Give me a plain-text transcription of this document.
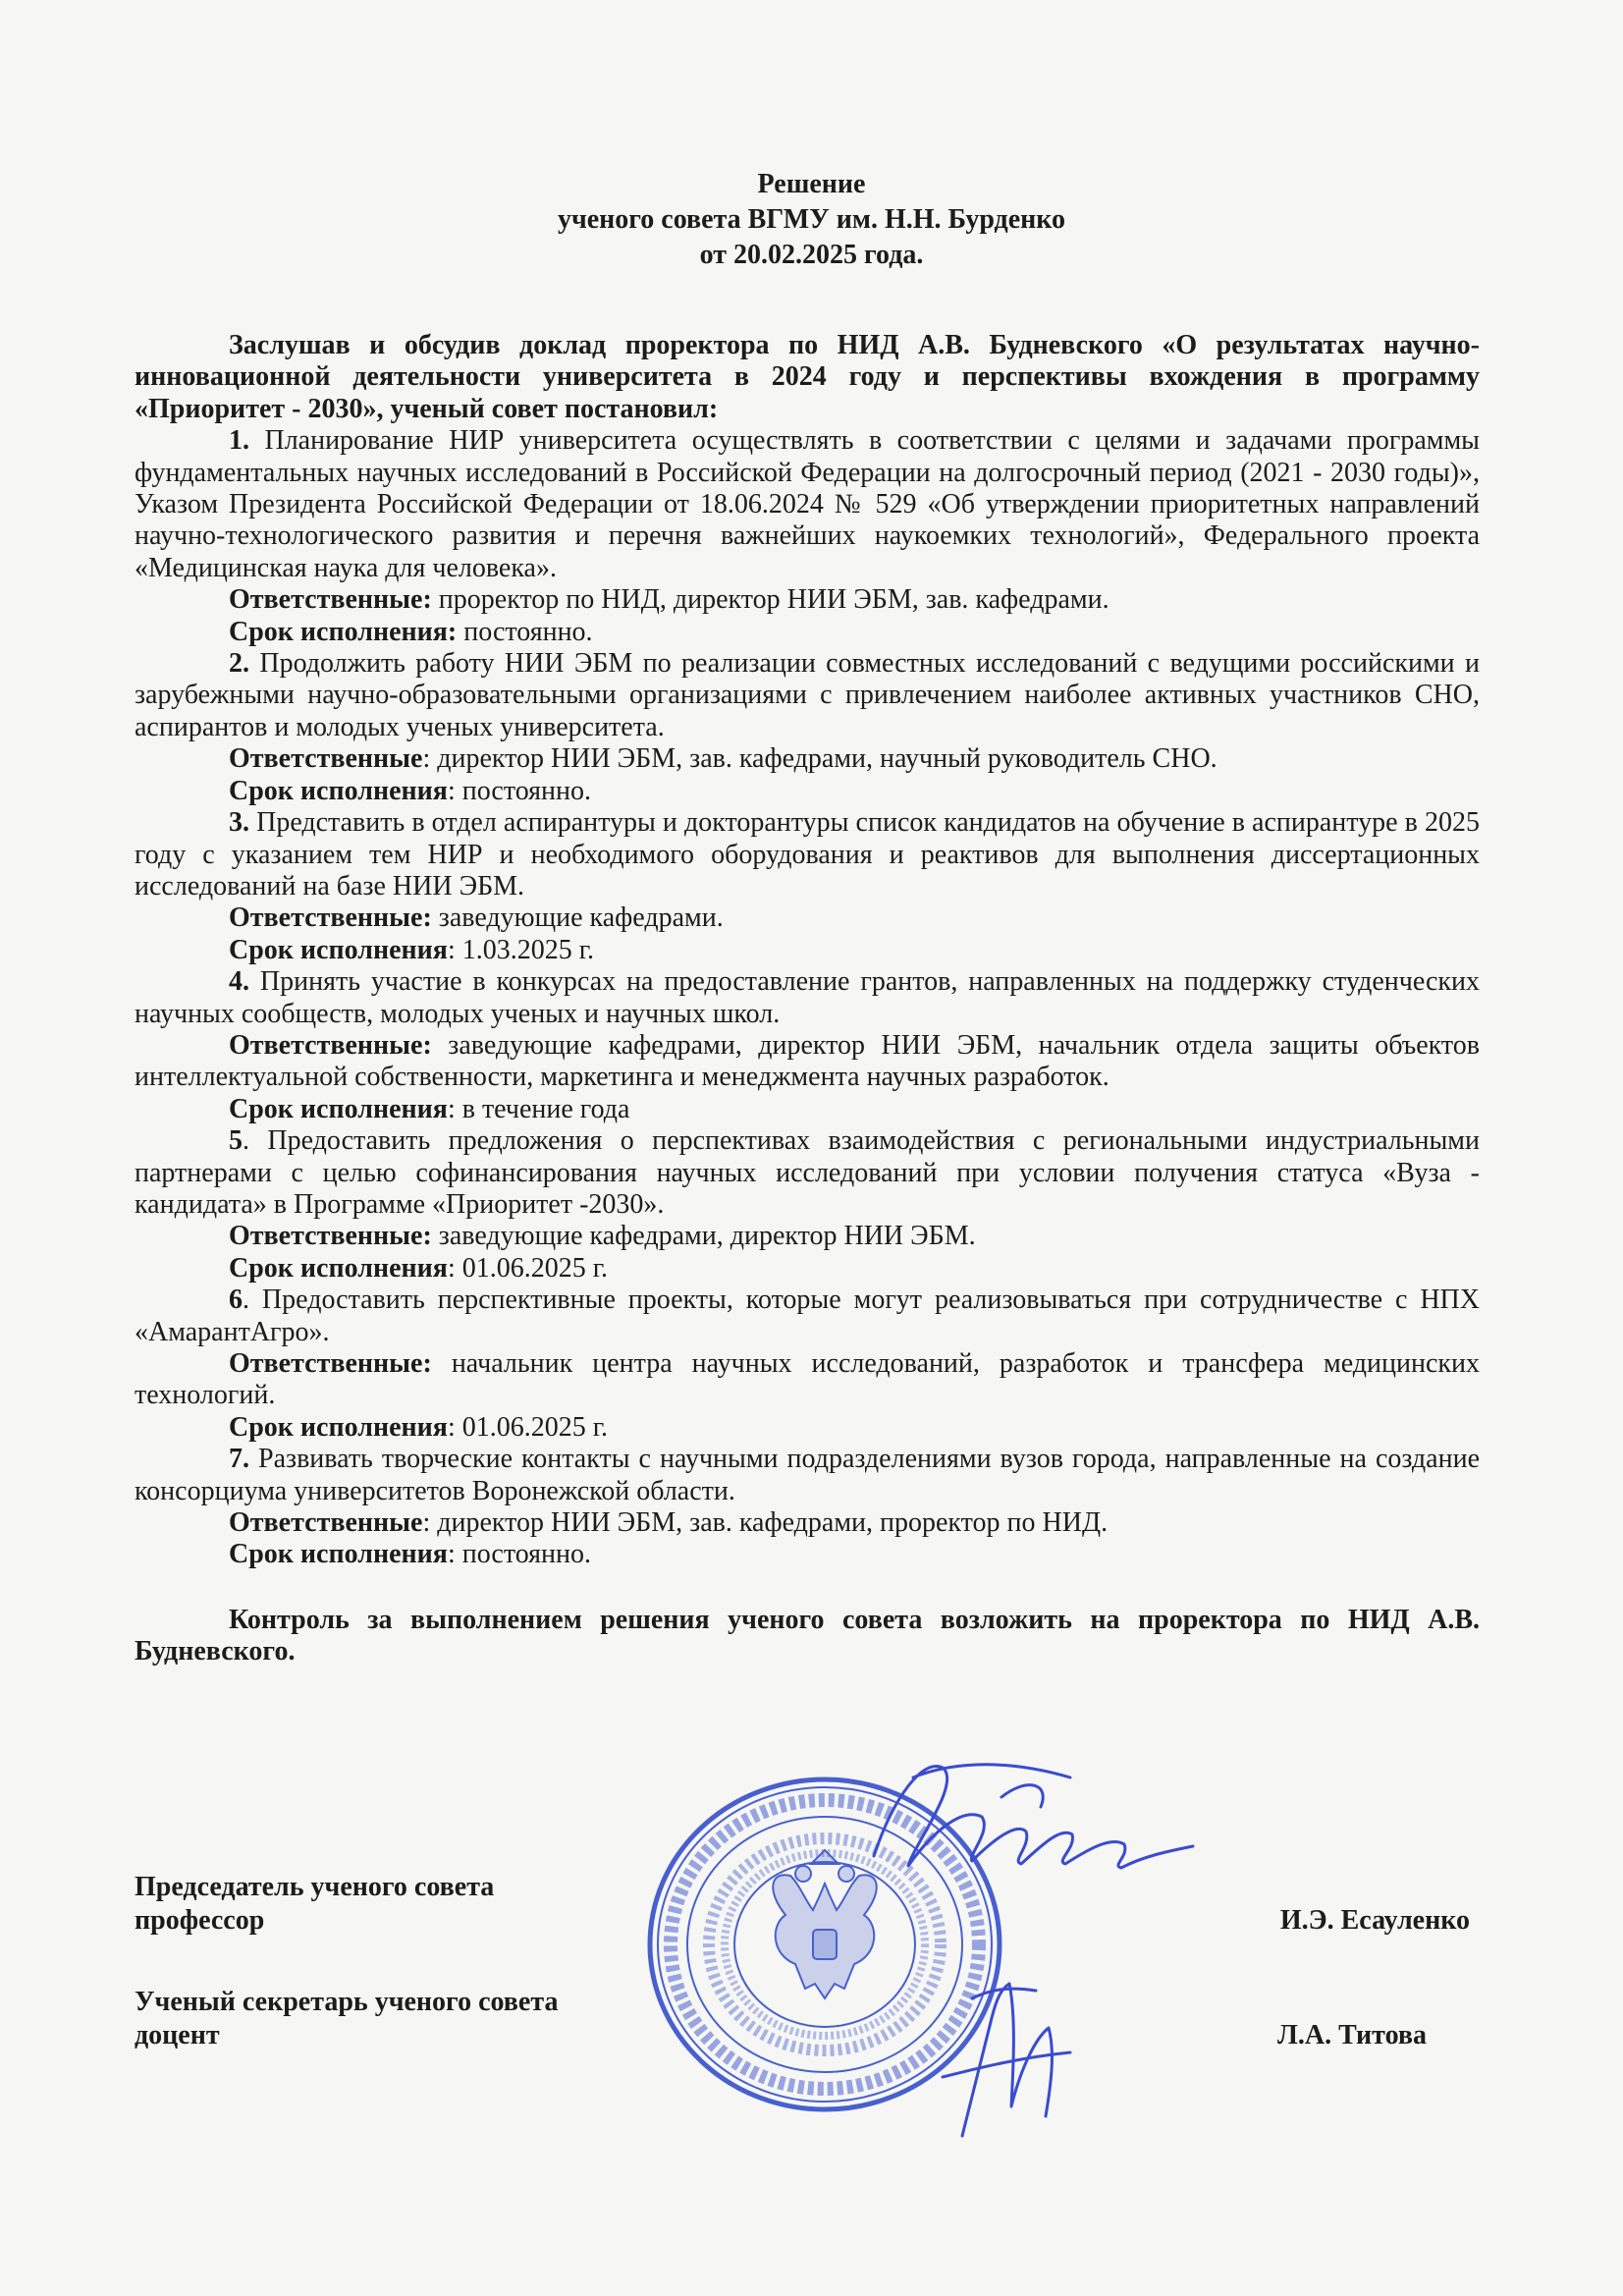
Решение
ученого совета ВГМУ им. Н.Н. Бурденко
от 20.02.2025 года.

Заслушав и обсудив доклад проректора по НИД А.В. Будневского «О результатах научно-инновационной деятельности университета в 2024 году и перспективы вхождения в программу «Приоритет - 2030», ученый совет постановил:

1. Планирование НИР университета осуществлять в соответствии с целями и задачами программы фундаментальных научных исследований в Российской Федерации на долгосрочный период (2021 - 2030 годы)», Указом Президента Российской Федерации от 18.06.2024 № 529 «Об утверждении приоритетных направлений научно-технологического развития и перечня важнейших наукоемких технологий», Федерального проекта «Медицинская наука для человека».

Ответственные: проректор по НИД, директор НИИ ЭБМ, зав. кафедрами.

Срок исполнения: постоянно.

2. Продолжить работу НИИ ЭБМ по реализации совместных исследований с ведущими российскими и зарубежными научно-образовательными организациями с привлечением наиболее активных участников СНО, аспирантов и молодых ученых университета.

Ответственные: директор НИИ ЭБМ, зав. кафедрами, научный руководитель СНО.

Срок исполнения: постоянно.

3. Представить в отдел аспирантуры и докторантуры список кандидатов на обучение в аспирантуре в 2025 году с указанием тем НИР и необходимого оборудования и реактивов для выполнения диссертационных исследований на базе НИИ ЭБМ.

Ответственные: заведующие кафедрами.

Срок исполнения: 1.03.2025 г.

4. Принять участие в конкурсах на предоставление грантов, направленных на поддержку студенческих научных сообществ, молодых ученых и научных школ.

Ответственные: заведующие кафедрами, директор НИИ ЭБМ, начальник отдела защиты объектов интеллектуальной собственности, маркетинга и менеджмента научных разработок.

Срок исполнения: в течение года

5. Предоставить предложения о перспективах взаимодействия с региональными индустриальными партнерами с целью софинансирования научных исследований при условии получения статуса «Вуза - кандидата» в Программе «Приоритет -2030».

Ответственные: заведующие кафедрами, директор НИИ ЭБМ.

Срок исполнения: 01.06.2025 г.

6. Предоставить перспективные проекты, которые могут реализовываться при сотрудничестве с НПХ «АмарантАгро».

Ответственные: начальник центра научных исследований, разработок и трансфера медицинских технологий.

Срок исполнения: 01.06.2025 г.

7. Развивать творческие контакты с научными подразделениями вузов города, направленные на создание консорциума университетов Воронежской области.

Ответственные: директор НИИ ЭБМ, зав. кафедрами, проректор по НИД.

Срок исполнения: постоянно.

Контроль за выполнением решения ученого совета возложить на проректора по НИД А.В. Будневского.

Председатель ученого совета
профессор	И.Э. Есауленко
Ученый секретарь ученого совета
доцент	Л.А. Титова
